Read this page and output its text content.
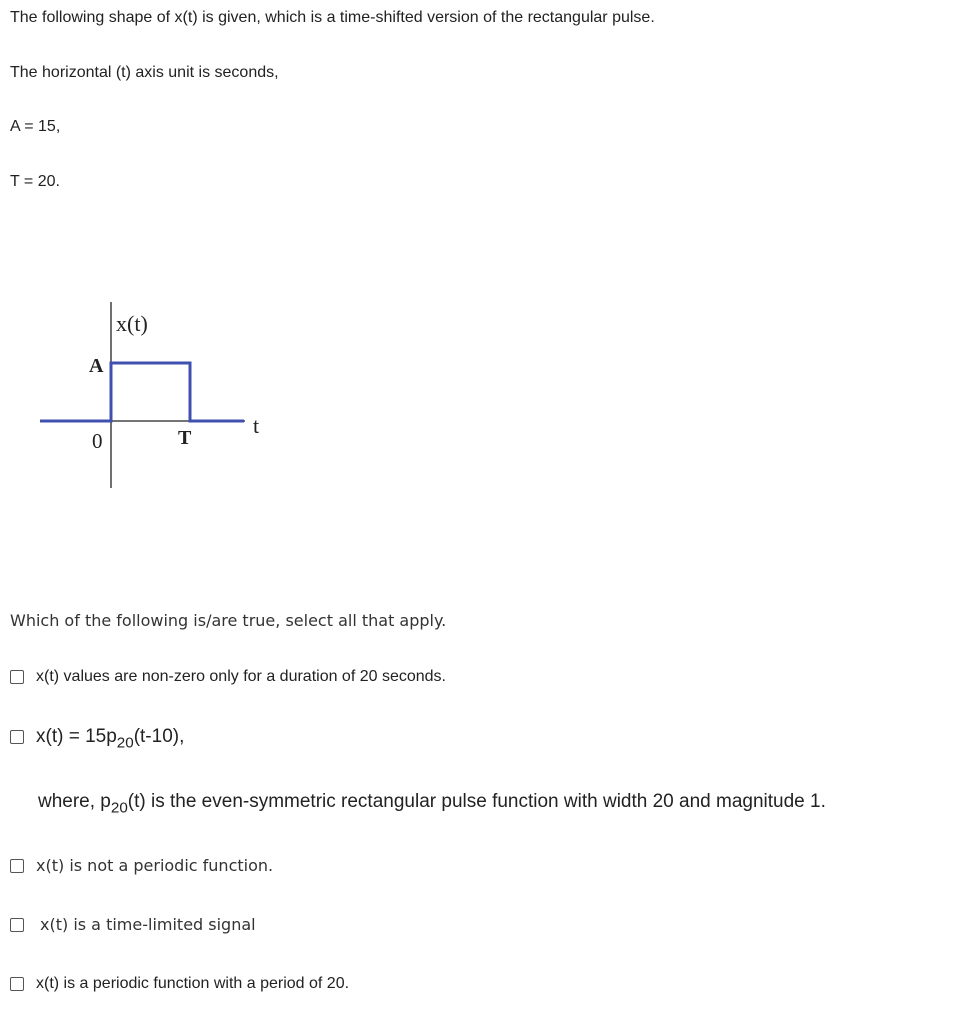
The following shape of x(t) is given, which is a time-shifted version of the rectangular pulse.
The horizontal (t) axis unit is seconds,
A = 15,
T = 20.
x(t)
A
0	T	t
Which of the following is/are true, select all that apply.
x(t) values are non-zero only for a duration of 20 seconds.
$x(t) = 15p_{20}(t-10)$,
where, $p_{20}(t)$ is the even-symmetric rectangular pulse function with width 20 and magnitude 1.
x(t) is not a periodic function.
x(t) is a time-limited signal
x(t) is a periodic function with a period of 20.
